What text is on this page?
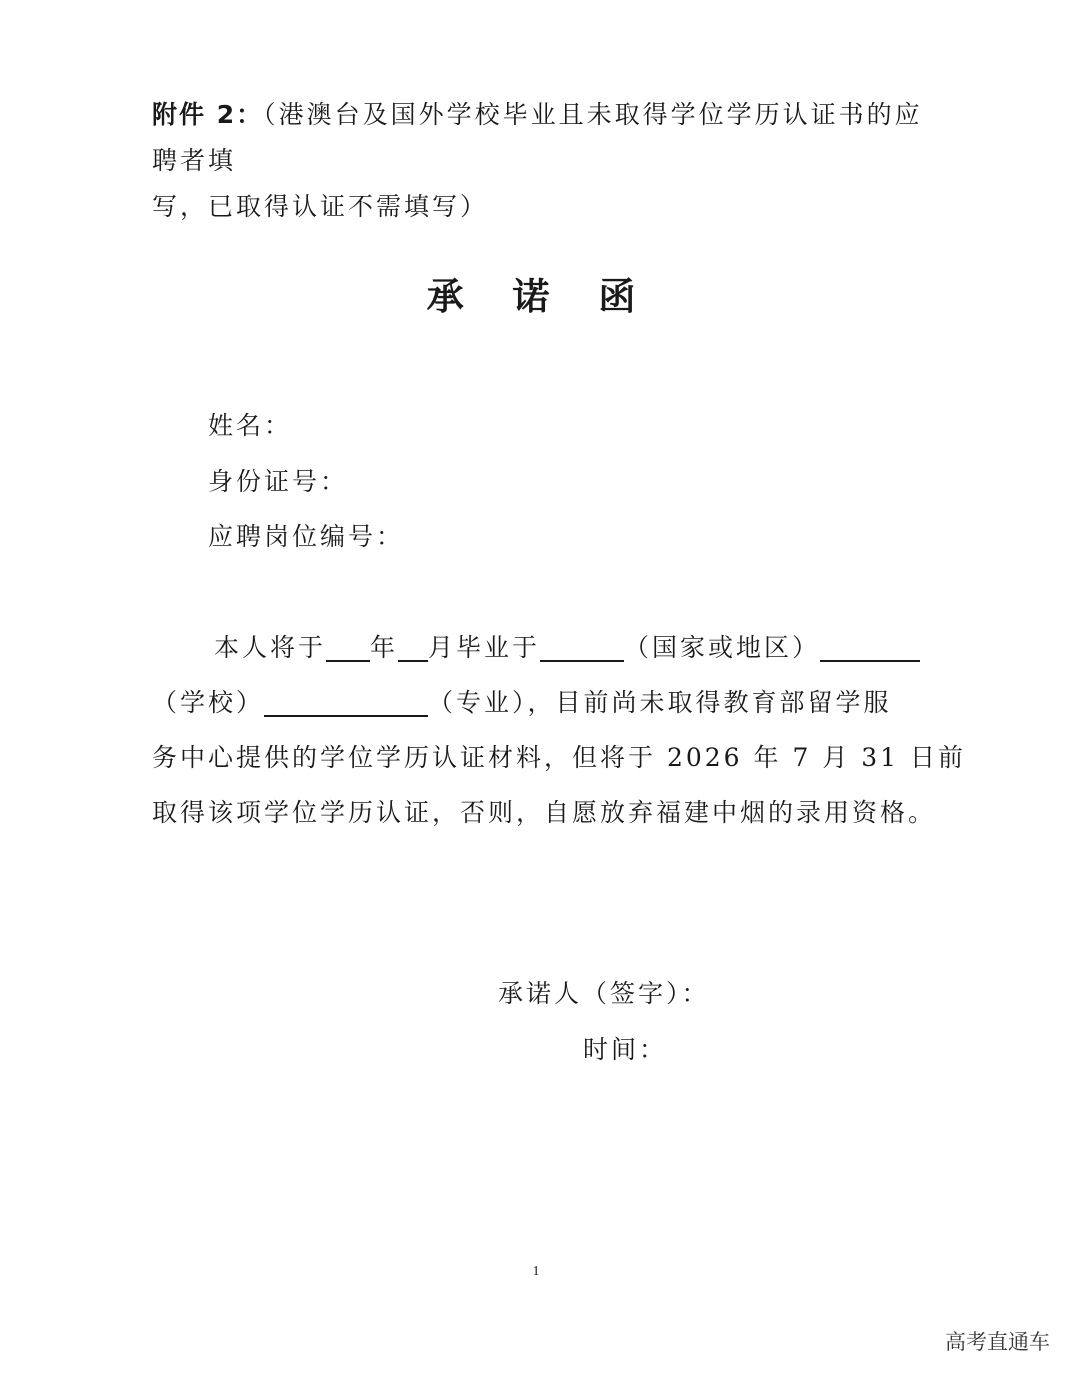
附件 2：（港澳台及国外学校毕业且未取得学位学历认证书的应聘者填
写，已取得认证不需填写）
承 诺 函
姓名：
身份证号：
应聘岗位编号：
本人将于 年 月毕业于	（国家或地区）
（学校）	（专业），目前尚未取得教育部留学服
务中心提供的学位学历认证材料，但将于 2026 年 7 月 31 日前
取得该项学位学历认证，否则，自愿放弃福建中烟的录用资格。
承诺人（签字）：
时间：
1
高考直通车
